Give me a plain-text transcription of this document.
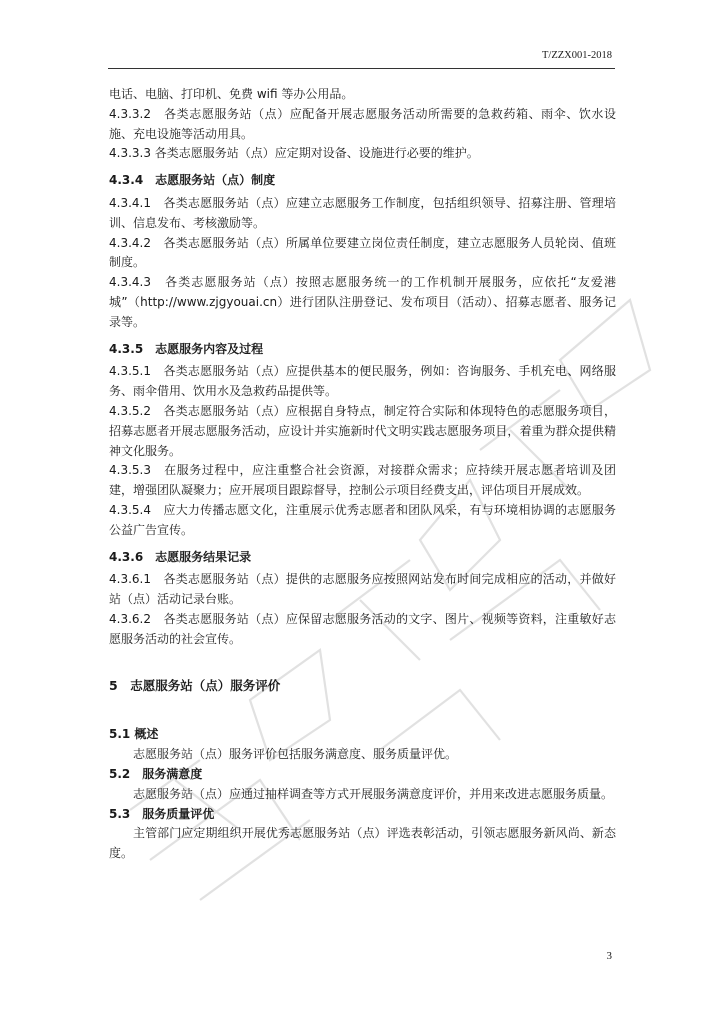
T/ZZX001-2018

电话、电脑、打印机、免费 wifi 等办公用品。

4.3.3.2　各类志愿服务站（点）应配备开展志愿服务活动所需要的急救药箱、雨伞、饮水设施、充电设施等活动用具。

4.3.3.3 各类志愿服务站（点）应定期对设备、设施进行必要的维护。

4.3.4　志愿服务站（点）制度

4.3.4.1　各类志愿服务站（点）应建立志愿服务工作制度，包括组织领导、招募注册、管理培训、信息发布、考核激励等。

4.3.4.2　各类志愿服务站（点）所属单位要建立岗位责任制度，建立志愿服务人员轮岗、值班制度。

4.3.4.3　各类志愿服务站（点）按照志愿服务统一的工作机制开展服务，应依托“友爱港城”（http://www.zjgyouai.cn）进行团队注册登记、发布项目（活动）、招募志愿者、服务记录等。

4.3.5　志愿服务内容及过程

4.3.5.1　各类志愿服务站（点）应提供基本的便民服务，例如：咨询服务、手机充电、网络服务、雨伞借用、饮用水及急救药品提供等。

4.3.5.2　各类志愿服务站（点）应根据自身特点，制定符合实际和体现特色的志愿服务项目，招募志愿者开展志愿服务活动，应设计并实施新时代文明实践志愿服务项目，着重为群众提供精神文化服务。

4.3.5.3　在服务过程中，应注重整合社会资源，对接群众需求；应持续开展志愿者培训及团建，增强团队凝聚力；应开展项目跟踪督导，控制公示项目经费支出，评估项目开展成效。

4.3.5.4　应大力传播志愿文化，注重展示优秀志愿者和团队风采，有与环境相协调的志愿服务公益广告宣传。

4.3.6　志愿服务结果记录

4.3.6.1　各类志愿服务站（点）提供的志愿服务应按照网站发布时间完成相应的活动，并做好站（点）活动记录台账。

4.3.6.2　各类志愿服务站（点）应保留志愿服务活动的文字、图片、视频等资料，注重敏好志愿服务活动的社会宣传。

5　志愿服务站（点）服务评价

5.1 概述

志愿服务站（点）服务评价包括服务满意度、服务质量评优。

5.2　服务满意度

志愿服务站（点）应通过抽样调查等方式开展服务满意度评价，并用来改进志愿服务质量。

5.3　服务质量评优

主管部门应定期组织开展优秀志愿服务站（点）评选表彰活动，引领志愿服务新风尚、新态度。

3
